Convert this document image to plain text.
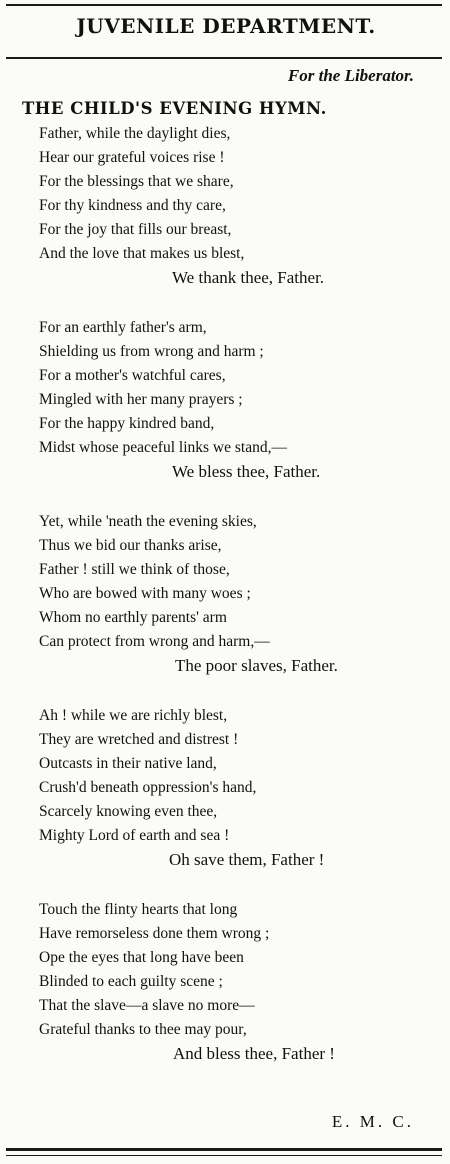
JUVENILE DEPARTMENT.
For the Liberator.
THE CHILD'S EVENING HYMN.
Father, while the daylight dies,
Hear our grateful voices rise !
For the blessings that we share,
For thy kindness and thy care,
For the joy that fills our breast,
And the love that makes us blest,
We thank thee, Father.
For an earthly father's arm,
Shielding us from wrong and harm ;
For a mother's watchful cares,
Mingled with her many prayers ;
For the happy kindred band,
Midst whose peaceful links we stand,—
We bless thee, Father.
Yet, while 'neath the evening skies,
Thus we bid our thanks arise,
Father ! still we think of those,
Who are bowed with many woes ;
Whom no earthly parents' arm
Can protect from wrong and harm,—
The poor slaves, Father.
Ah ! while we are richly blest,
They are wretched and distrest !
Outcasts in their native land,
Crush'd beneath oppression's hand,
Scarcely knowing even thee,
Mighty Lord of earth and sea !
Oh save them, Father !
Touch the flinty hearts that long
Have remorseless done them wrong ;
Ope the eyes that long have been
Blinded to each guilty scene ;
That the slave—a slave no more—
Grateful thanks to thee may pour,
And bless thee, Father !
E. M. C.
